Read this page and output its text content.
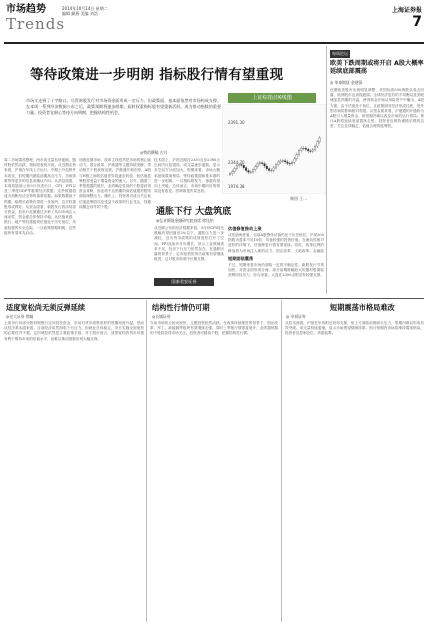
市场趋势
Trends
2014年10月14日 星期二
编辑 颜燕 美编 刘浩	上海证券报
7
等待政策进一步明朗 指标股行情有望重现
市场又走到了十字路口。尽管新股发行对市场资金面形成一定压力，但政策面、基本面依然对市场构成支撑。在本周一系列经济数据公布之后，政策预期将逐步明朗，届时权重指标股有望重新活跃，成为推动指数的重要力量。投资者宜耐心等待方向明朗，把握结构性机会。
◎特约撰稿 古月
上证综指日K线图
2391.30
2344.70
1974.38
制图 王...
周二市场震荡整理，两市成交量有所萎缩，题材股依然活跃，指标股表现平淡。从近期走势来看，沪指在年线上方运行，中期上升趋势并未改变，但短期内面临前期高点压力，市场需要等待更多的信息来确认方向。从消息面看，本周将陆续公布9月份进出口、CPI、PPI以及三季度GDP等重要经济数据，这些数据将成为判断经济走势的重要依据。如果数据低于预期，稳增长政策有望进一步加码，这对权重股形成利好。从资金面看，新股发行将冻结部分资金，但央行近期通过多种工具向市场注入流动性，资金面总体保持平稳。从估值来看，银行、地产等权重板块估值处于历史低位，具备较强的安全边际，一旦政策预期明朗，这些板块有望率先启动。
回顾近期市场，改革主线依然是市场的核心驱动力。国企改革、沪港通等主题持续发酵，带动相关个股表现活跃。沪港通开闸在即，A股与H股之间的估值差异将逐步收敛，低估值蓝筹股将受益于增量资金的流入。另外，随着三季报披露的展开，业绩确定性高的个股将获得资金青睐，而业绩不达预期的高估值题材股则面临调整压力。操作上，投资者可适当关注低估值蓝筹股以及受益于改革的行业龙头，回避纯概念炒作的个股。
技术面上，沪指近期在2350点至2380点区间内反复震荡，成交量逐步萎缩，显示多空双方分歧加大。短期来看，市场大概率延续震荡格局，等待政策面和基本面的进一步明朗。一旦指标股发力，指数有望向上突破。总体而言，市场中期向好的格局没有改变，回调即是布局良机。
国泰君安证券
通胀下行 大盘筑底
◎弘业期货金融研究院首席 徐佳怡
从近期公布的经济数据来看，9月份CPI同比涨幅有望回落至2%以下，通胀压力进一步减轻，这为货币政策的适度宽松打开了空间。PPI连续多月负增长，显示工业领域需求不足，经济下行压力依然存在。在通胀回落的背景下，定向宽松的货币政策有望继续推进，这对股市构成中长期支撑。
估值修复推动上涨
从估值角度看，目前A股整体估值仍处于历史低位，沪深300指数市盈率不足10倍，具备较强的投资价值。在流动性相对宽松的环境下，估值修复行情有望延续。同时，改革红利的释放将为市场注入新的活力，国企改革、土地改革、金融改
短期面临震荡
不过，短期来看市场仍面临一定的不确定性。新股发行节奏加快，对资金面形成分流；部分前期涨幅较大的题材股面临获利回吐压力。综合来看，大盘在2300点附近有较强支撑，
每周论坛
欧美下跌周期或将开启 A股大概率延续底部震荡
◎ 华泰期货 金建锋
近期欧美股市出现明显调整，美国标普500指数从高点回落，欧洲股市也表现疲弱。全球经济复苏的不均衡以及美联储加息预期的升温，使得资金开始从风险资产中撤出。A股方面，由于估值处于低位，且政策面对经济形成托底，受外围市场的影响相对有限。从资金面来看，沪港通的开通将为A股引入增量资金，但短期内难以改变市场的运行格局。预计A股将延续底部震荡走势，投资者宜保持谨慎乐观的态度，关注业绩稳定、估值合理的蓝筹股。
适度宽松尚无须反弹延续
◎光大证券 徐婧
上周央行向部分股份制银行定向投放资金，市场对货币政策宽松的预期再度升温。然而从经济基本面来看，目前经济虽然面临下行压力，但就业总体稳定，央行实施全面宽松的必要性并不强。定向调控依然是主要政策手段。对于股市而言，适度宽松的货币环境有利于维持市场的估值水平，但难以推动指数出现大幅反弹。
结构性行情仍可期
◎长城证券
当前市场热点轮动较快，主题投资依然活跃。在改革持续推进的背景下，国企改革、军工、新能源等板块有望继续走强。同时三季报行情即将展开，业绩超预期的个股将获得市场关注。投资者可精选个股，把握结构性行情。
短期震荡市格局难改
◎ 中原证券
从技术面看，沪指在年线附近获得支撑，但上方面临前期高点压力，短期内难以形成有效突破。成交量持续萎缩，显示市场观望情绪浓厚。预计短期内市场将维持震荡格局，投资者宜控制仓位，高抛低吸。
